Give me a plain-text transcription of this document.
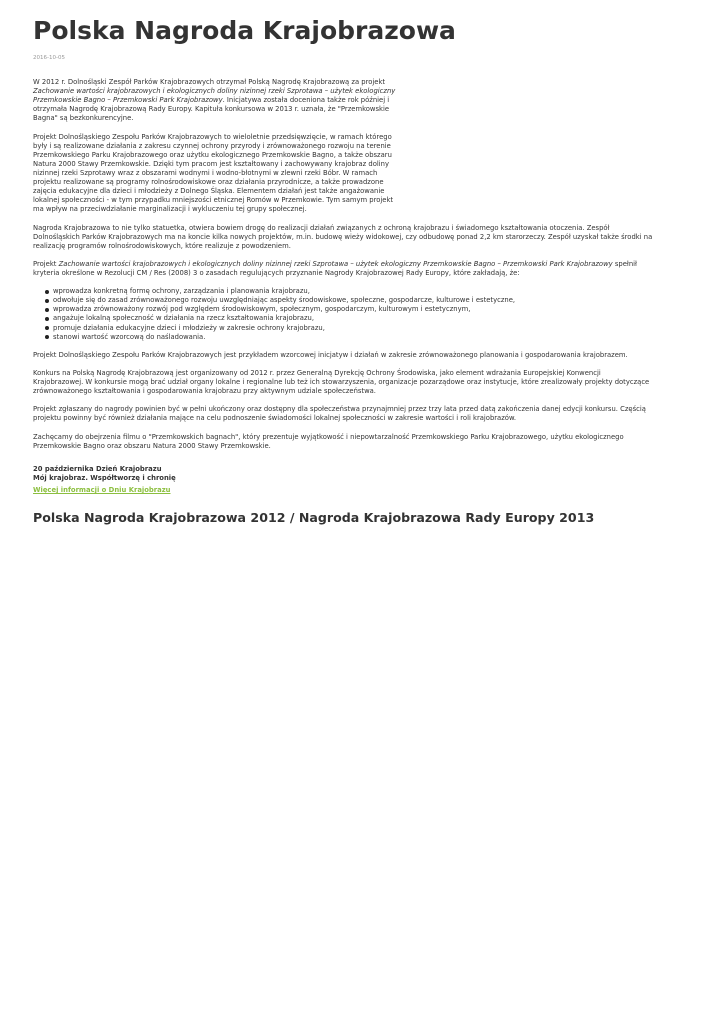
Polska Nagroda Krajobrazowa
2016-10-05

W 2012 r. Dolnośląski Zespół Parków Krajobrazowych otrzymał Polską Nagrodę Krajobrazową za projekt Zachowanie wartości krajobrazowych i ekologicznych doliny nizinnej rzeki Szprotawa – użytek ekologiczny Przemkowskie Bagno – Przemkowski Park Krajobrazowy. Inicjatywa została doceniona także rok później i otrzymała Nagrodę Krajobrazową Rady Europy. Kapituła konkursowa w 2013 r. uznała, że "Przemkowskie Bagna" są bezkonkurencyjne.

Projekt Dolnośląskiego Zespołu Parków Krajobrazowych to wieloletnie przedsięwzięcie, w ramach którego były i są realizowane działania z zakresu czynnej ochrony przyrody i zrównoważonego rozwoju na terenie Przemkowskiego Parku Krajobrazowego oraz użytku ekologicznego Przemkowskie Bagno, a także obszaru Natura 2000 Stawy Przemkowskie. Dzięki tym pracom jest kształtowany i zachowywany krajobraz doliny nizinnej rzeki Szprotawy wraz z obszarami wodnymi i wodno-błotnymi w zlewni rzeki Bóbr. W ramach projektu realizowane są programy rolnośrodowiskowe oraz działania przyrodnicze, a także prowadzone zajęcia edukacyjne dla dzieci i młodzieży z Dolnego Śląska. Elementem działań jest także angażowanie lokalnej społeczności - w tym przypadku mniejszości etnicznej Romów w Przemkowie. Tym samym projekt ma wpływ na przeciwdziałanie marginalizacji i wykluczeniu tej grupy społecznej.

Nagroda Krajobrazowa to nie tylko statuetka, otwiera bowiem drogę do realizacji działań związanych z ochroną krajobrazu i świadomego kształtowania otoczenia. Zespół Dolnośląskich Parków Krajobrazowych ma na koncie kilka nowych projektów, m.in. budowę wieży widokowej, czy odbudowę ponad 2,2 km starorzeczy. Zespół uzyskał także środki na realizację programów rolnośrodowiskowych, które realizuje z powodzeniem.

Projekt Zachowanie wartości krajobrazowych i ekologicznych doliny nizinnej rzeki Szprotawa – użytek ekologiczny Przemkowskie Bagno – Przemkowski Park Krajobrazowy spełnił kryteria określone w Rezolucji CM / Res (2008) 3 o zasadach regulujących przyznanie Nagrody Krajobrazowej Rady Europy, które zakładają, że:

wprowadza konkretną formę ochrony, zarządzania i planowania krajobrazu,
odwołuje się do zasad zrównoważonego rozwoju uwzględniając aspekty środowiskowe, społeczne, gospodarcze, kulturowe i estetyczne,
wprowadza zrównoważony rozwój pod względem środowiskowym, społecznym, gospodarczym, kulturowym i estetycznym,
angażuje lokalną społeczność w działania na rzecz kształtowania krajobrazu,
promuje działania edukacyjne dzieci i młodzieży w zakresie ochrony krajobrazu,
stanowi wartość wzorcową do naśladowania.

Projekt Dolnośląskiego Zespołu Parków Krajobrazowych jest przykładem wzorcowej inicjatyw i działań w zakresie zrównoważonego planowania i gospodarowania krajobrazem.

Konkurs na Polską Nagrodę Krajobrazową jest organizowany od 2012 r. przez Generalną Dyrekcję Ochrony Środowiska, jako element wdrażania Europejskiej Konwencji Krajobrazowej. W konkursie mogą brać udział organy lokalne i regionalne lub też ich stowarzyszenia, organizacje pozarządowe oraz instytucje, które zrealizowały projekty dotyczące zrównoważonego kształtowania i gospodarowania krajobrazu przy aktywnym udziale społeczeństwa.

Projekt zgłaszany do nagrody powinien być w pełni ukończony oraz dostępny dla społeczeństwa przynajmniej przez trzy lata przed datą zakończenia danej edycji konkursu. Częścią projektu powinny być również działania mające na celu podnoszenie świadomości lokalnej społeczności w zakresie wartości i roli krajobrazów.

Zachęcamy do obejrzenia filmu o "Przemkowskich bagnach", który prezentuje wyjątkowość i niepowtarzalność Przemkowskiego Parku Krajobrazowego, użytku ekologicznego Przemkowskie Bagno oraz obszaru Natura 2000 Stawy Przemkowskie.

20 października Dzień Krajobrazu
Mój krajobraz. Współtworzę i chronię
Więcej informacji o Dniu Krajobrazu
Polska Nagroda Krajobrazowa 2012 / Nagroda Krajobrazowa Rady Europy 2013
